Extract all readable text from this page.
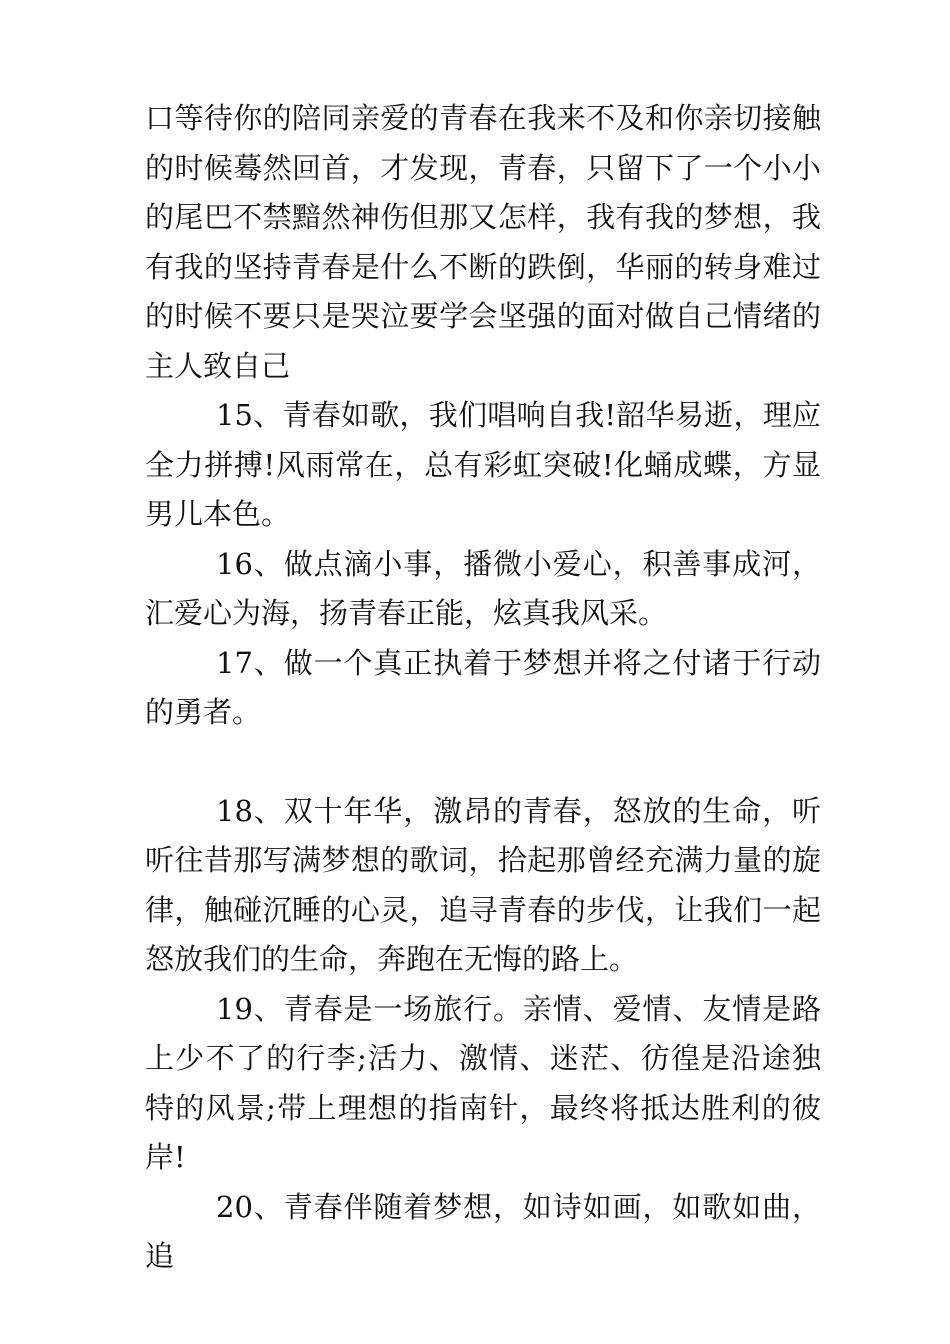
口等待你的陪同亲爱的青春在我来不及和你亲切接触的时候蓦然回首，才发现，青春，只留下了一个小小的尾巴不禁黯然神伤但那又怎样，我有我的梦想，我有我的坚持青春是什么不断的跌倒，华丽的转身难过的时候不要只是哭泣要学会坚强的面对做自己情绪的主人致自己

15、青春如歌，我们唱响自我!韶华易逝，理应全力拼搏!风雨常在，总有彩虹突破!化蛹成蝶，方显男儿本色。

16、做点滴小事，播微小爱心，积善事成河，汇爱心为海，扬青春正能，炫真我风采。

17、做一个真正执着于梦想并将之付诸于行动的勇者。

18、双十年华，激昂的青春，怒放的生命，听听往昔那写满梦想的歌词，拾起那曾经充满力量的旋律，触碰沉睡的心灵，追寻青春的步伐，让我们一起怒放我们的生命，奔跑在无悔的路上。

19、青春是一场旅行。亲情、爱情、友情是路上少不了的行李;活力、激情、迷茫、彷徨是沿途独特的风景;带上理想的指南针，最终将抵达胜利的彼岸!

20、青春伴随着梦想，如诗如画，如歌如曲，追
